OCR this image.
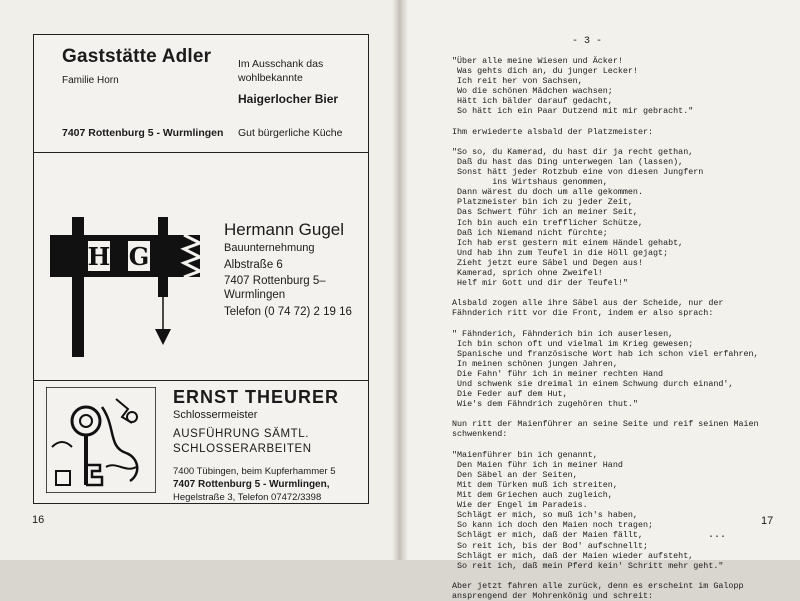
Gaststätte Adler
Familie Horn
Im Ausschank das
wohlbekannte
Haigerlocher Bier
7407 Rottenburg 5 - Wurmlingen Gut bürgerliche Küche
H G
Hermann Gugel
Bauunternehmung
Albstraße 6
7407 Rottenburg 5–
Wurmlingen
Telefon (0 74 72) 2 19 16
ERNST THEURER
Schlossermeister
AUSFÜHRUNG SÄMTL.
SCHLOSSERARBEITEN
7400 Tübingen, beim Kupferhammer 5
7407 Rottenburg 5 - Wurmlingen,
Hegelstraße 3, Telefon 07472/3398
16
- 3 -
"Über alle meine Wiesen und Äcker!
Was gehts dich an, du junger Lecker!
Ich reit her von Sachsen,
Wo die schönen Mädchen wachsen;
Hätt ich bälder darauf gedacht,
So hätt ich ein Paar Dutzend mit mir gebracht."
Ihm erwiederte alsbald der Platzmeister:
"So so, du Kamerad, du hast dir ja recht gethan,
Daß du hast das Ding unterwegen lan (lassen),
Sonst hätt jeder Rotzbub eine von diesen Jungfern
ins Wirtshaus genommen,
Dann wärest du doch um alle gekommen.
Platzmeister bin ich zu jeder Zeit,
Das Schwert führ ich an meiner Seit,
Ich bin auch ein trefflicher Schütze,
Daß ich Niemand nicht fürchte;
Ich hab erst gestern mit einem Händel gehabt,
Und hab ihn zum Teufel in die Höll gejagt;
Zieht jetzt eure Säbel und Degen aus!
Kamerad, sprich ohne Zweifel!
Helf mir Gott und dir der Teufel!"
Alsbald zogen alle ihre Säbel aus der Scheide, nur der
Fähnderich ritt vor die Front, indem er also sprach:
" Fähnderich, Fähnderich bin ich auserlesen,
Ich bin schon oft und vielmal im Krieg gewesen;
Spanische und französische Wort hab ich schon viel erfahren,
In meinen schönen jungen Jahren,
Die Fahn' führ ich in meiner rechten Hand
Und schwenk sie dreimal in einem Schwung durch einand',
Die Feder auf dem Hut,
Wie's dem Fähndrich zugehören thut."
Nun ritt der Maienführer an seine Seite und reif seinen Maien
schwenkend:
"Maienführer bin ich genannt,
Den Maien führ ich in meiner Hand
Den Säbel an der Seiten,
Mit dem Türken muß ich streiten,
Mit dem Griechen auch zugleich,
Wie der Engel im Paradeis.
Schlägt er mich, so muß ich's haben,
So kann ich doch den Maien noch tragen;
Schlägt er mich, daß der Maien fällt,
So reit ich, bis der Bod' aufschnellt;
Schlägt er mich, daß der Maien wieder aufsteht,
So reit ich, daß mein Pferd kein' Schritt mehr geht."
Aber jetzt fahren alle zurück, denn es erscheint im Galopp
ansprengend der Mohrenkönig und schreit:
...
17
